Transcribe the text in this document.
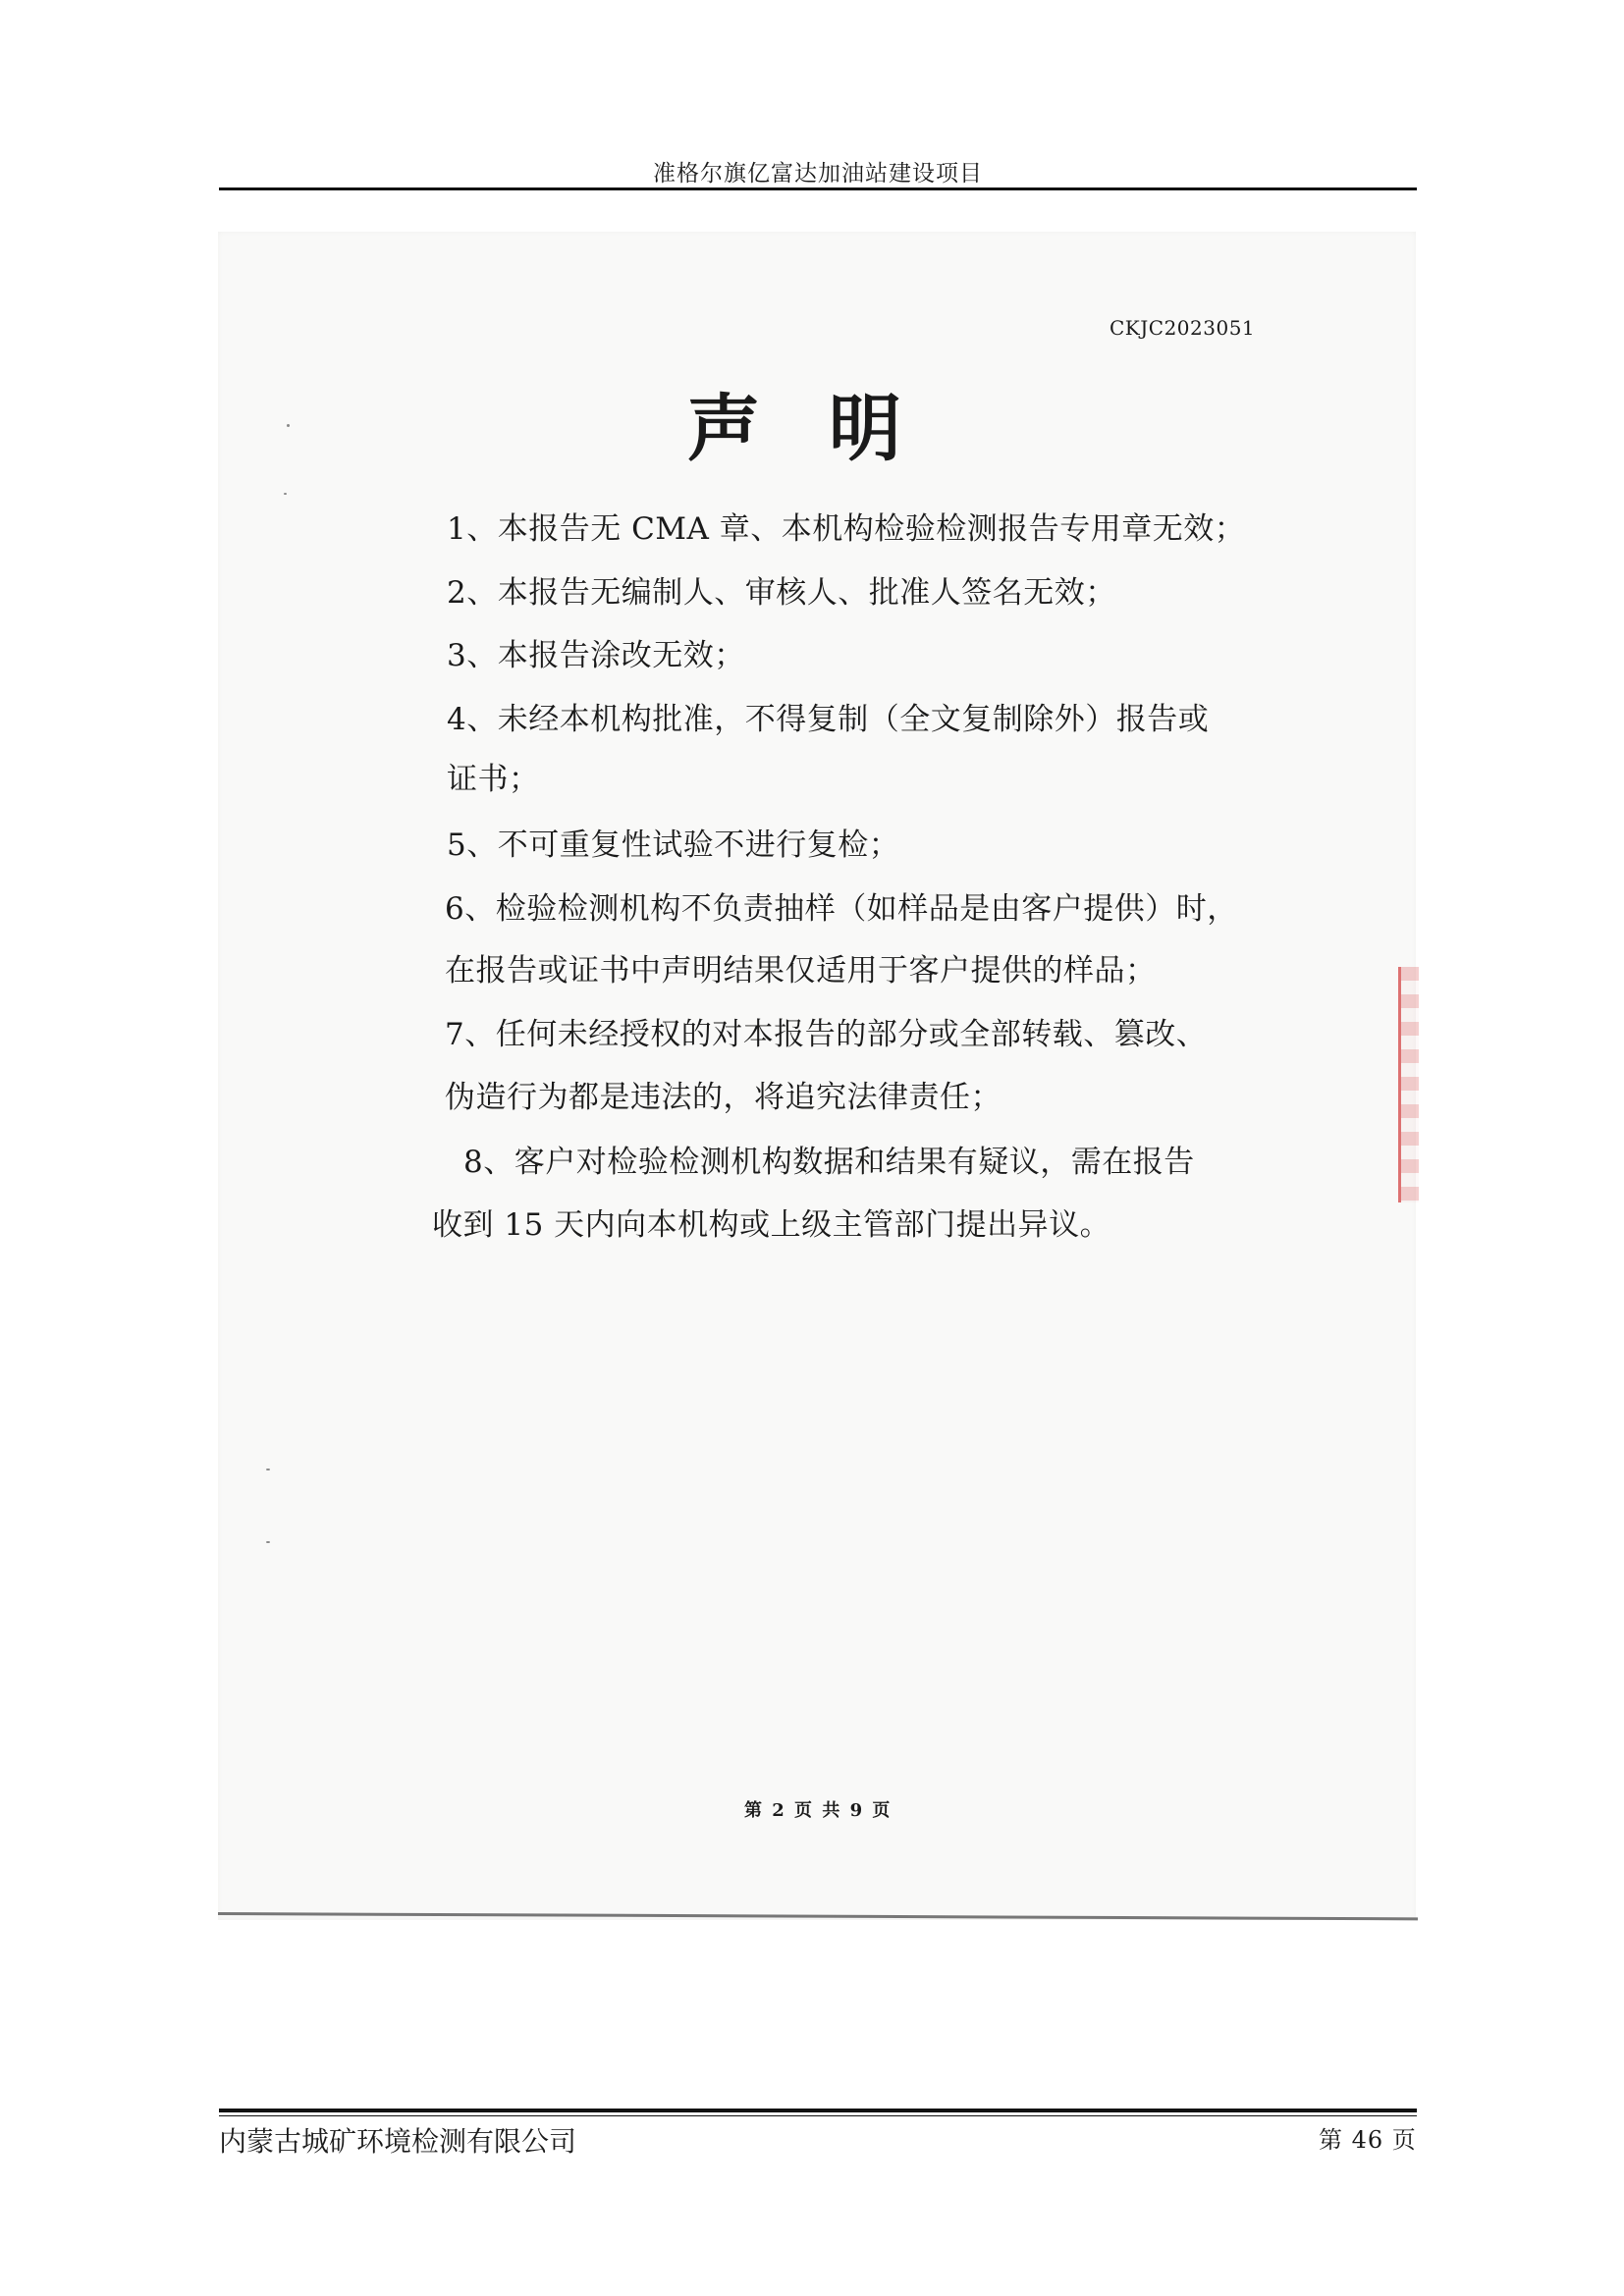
准格尔旗亿富达加油站建设项目
CKJC2023051
声明
1、本报告无 CMA 章、本机构检验检测报告专用章无效；
2、本报告无编制人、审核人、批准人签名无效；
3、本报告涂改无效；
4、未经本机构批准，不得复制（全文复制除外）报告或
证书；
5、不可重复性试验不进行复检；
6、检验检测机构不负责抽样（如样品是由客户提供）时，
在报告或证书中声明结果仅适用于客户提供的样品；
7、任何未经授权的对本报告的部分或全部转载、篡改、
伪造行为都是违法的，将追究法律责任；
8、客户对检验检测机构数据和结果有疑议，需在报告
收到 15 天内向本机构或上级主管部门提出异议。
第 2 页 共 9 页
内蒙古城矿环境检测有限公司	第 46 页
